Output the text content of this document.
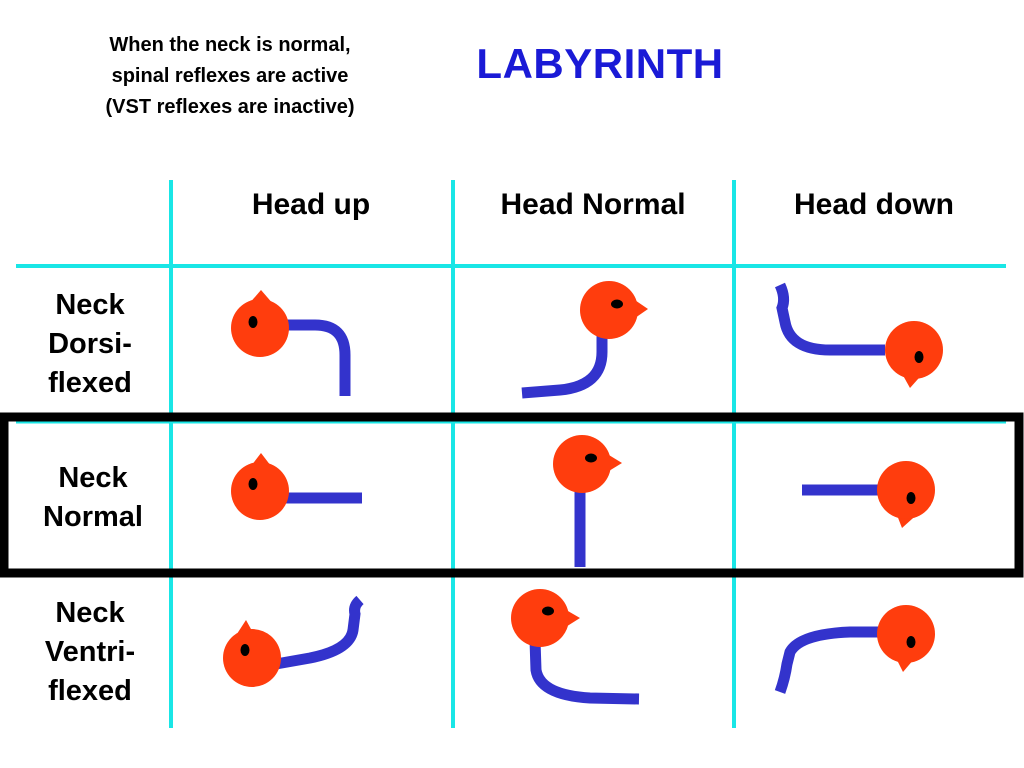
When the neck is normal,
spinal reflexes are active
(VST reflexes are inactive)
LABYRINTH
Head up	Head Normal	Head down
Neck
Dorsi-
flexed
Neck
Normal
Neck
Ventri-
flexed
